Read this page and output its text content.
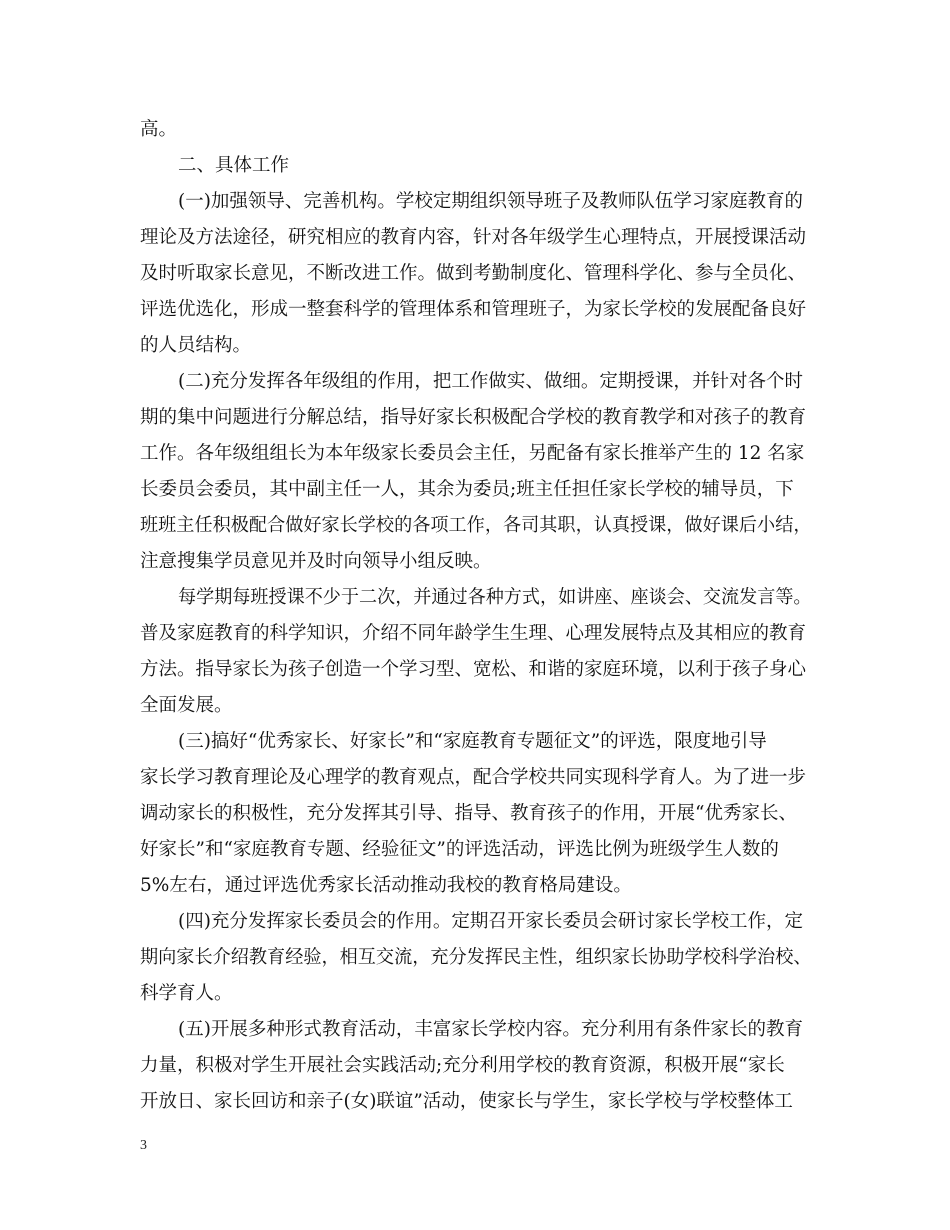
高。
二、具体工作
(一)加强领导、完善机构。学校定期组织领导班子及教师队伍学习家庭教育的
理论及方法途径，研究相应的教育内容，针对各年级学生心理特点，开展授课活动
及时听取家长意见，不断改进工作。做到考勤制度化、管理科学化、参与全员化、
评选优选化，形成一整套科学的管理体系和管理班子，为家长学校的发展配备良好
的人员结构。
(二)充分发挥各年级组的作用，把工作做实、做细。定期授课，并针对各个时
期的集中问题进行分解总结，指导好家长积极配合学校的教育教学和对孩子的教育
工作。各年级组组长为本年级家长委员会主任，另配备有家长推举产生的 12 名家
长委员会委员，其中副主任一人，其余为委员;班主任担任家长学校的辅导员，下
班班主任积极配合做好家长学校的各项工作，各司其职，认真授课，做好课后小结，
注意搜集学员意见并及时向领导小组反映。
每学期每班授课不少于二次，并通过各种方式，如讲座、座谈会、交流发言等。
普及家庭教育的科学知识，介绍不同年龄学生生理、心理发展特点及其相应的教育
方法。指导家长为孩子创造一个学习型、宽松、和谐的家庭环境，以利于孩子身心
全面发展。
(三)搞好“优秀家长、好家长”和“家庭教育专题征文”的评选，限度地引导
家长学习教育理论及心理学的教育观点，配合学校共同实现科学育人。为了进一步
调动家长的积极性，充分发挥其引导、指导、教育孩子的作用，开展“优秀家长、
好家长”和“家庭教育专题、经验征文”的评选活动，评选比例为班级学生人数的
5%左右，通过评选优秀家长活动推动我校的教育格局建设。
(四)充分发挥家长委员会的作用。定期召开家长委员会研讨家长学校工作，定
期向家长介绍教育经验，相互交流，充分发挥民主性，组织家长协助学校科学治校、
科学育人。
(五)开展多种形式教育活动，丰富家长学校内容。充分利用有条件家长的教育
力量，积极对学生开展社会实践活动;充分利用学校的教育资源，积极开展“家长
开放日、家长回访和亲子(女)联谊”活动，使家长与学生，家长学校与学校整体工
3
